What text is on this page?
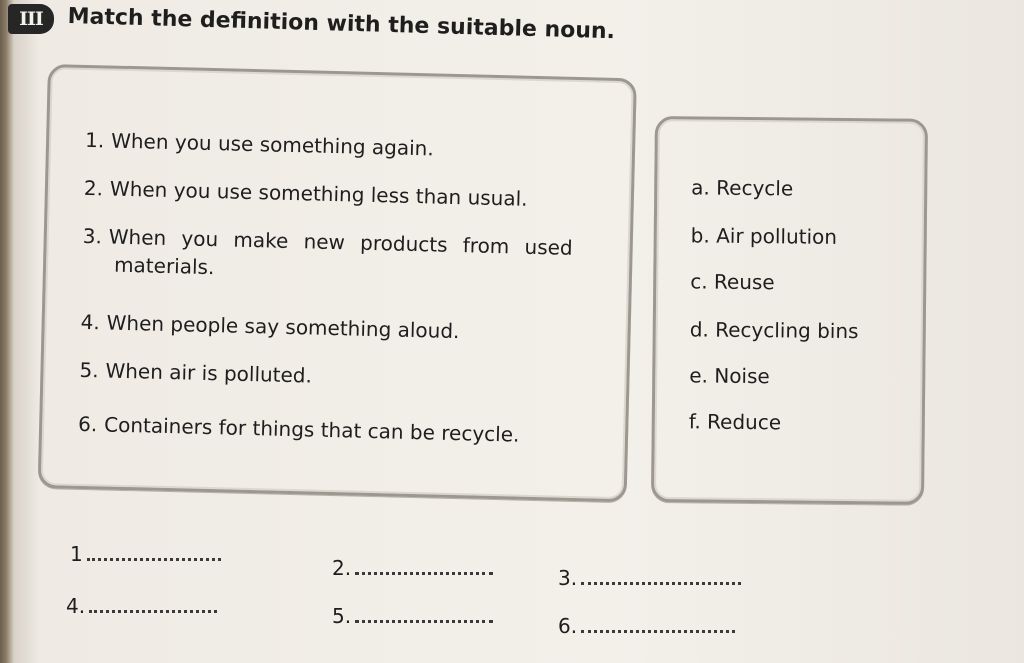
III	Match the definition with the suitable noun.
1. When you use something again.
2. When you use something less than usual.
3. When you make new products from used
materials.
4. When people say something aloud.
5. When air is polluted.
6. Containers for things that can be recycle.
a. Recycle
b. Air pollution
c. Reuse
d. Recycling bins
e. Noise
f. Reduce
1
2.	3.
4.	5.	6.
